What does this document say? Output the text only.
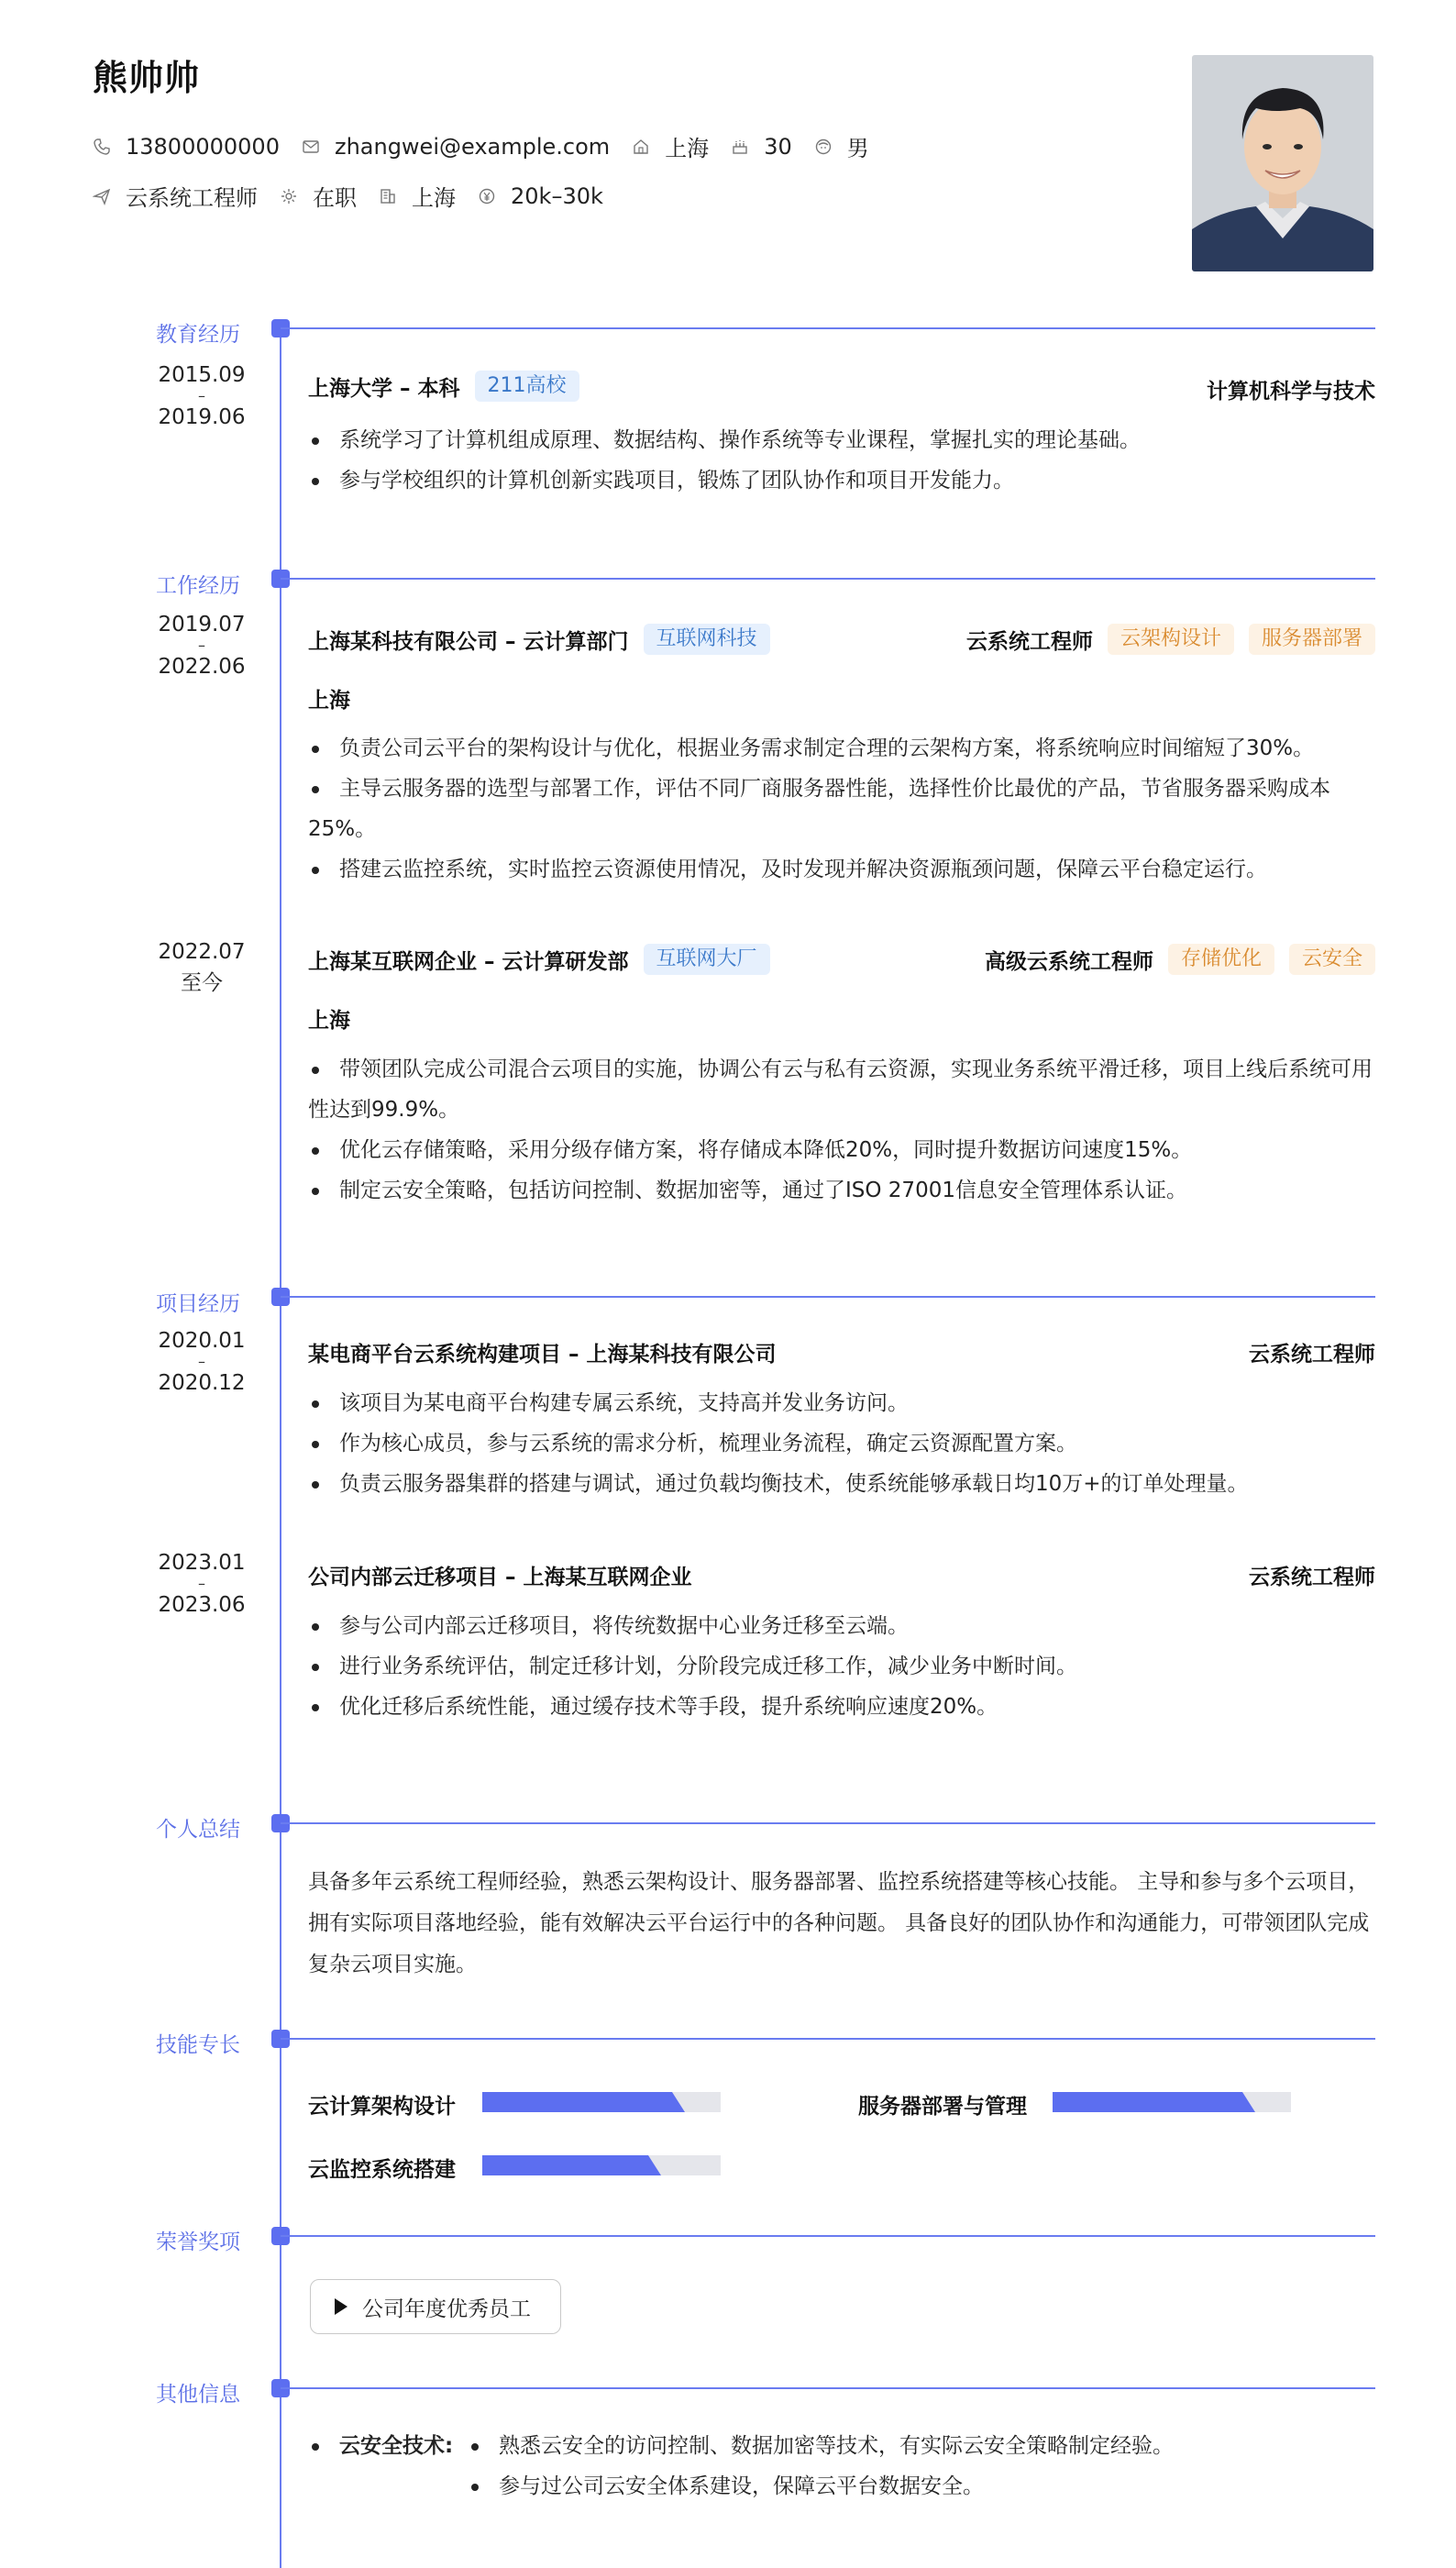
熊帅帅
13800000000	zhangwei@example.com	上海	30	男
云系统工程师	在职	上海	20k–30k
教育经历
2015.09
–
2019.06
上海大学 – 本科	211高校	计算机科学与技术
系统学习了计算机组成原理、数据结构、操作系统等专业课程，掌握扎实的理论基础。
参与学校组织的计算机创新实践项目，锻炼了团队协作和项目开发能力。
工作经历
2019.07
–
2022.06
上海某科技有限公司 – 云计算部门	互联网科技	云系统工程师	云架构设计	服务器部署
上海
负责公司云平台的架构设计与优化，根据业务需求制定合理的云架构方案，将系统响应时间缩短了30%。
主导云服务器的选型与部署工作，评估不同厂商服务器性能，选择性价比最优的产品，节省服务器采购成本25%。
搭建云监控系统，实时监控云资源使用情况，及时发现并解决资源瓶颈问题，保障云平台稳定运行。
2022.07
至今
上海某互联网企业 – 云计算研发部	互联网大厂	高级云系统工程师	存储优化	云安全
上海
带领团队完成公司混合云项目的实施，协调公有云与私有云资源，实现业务系统平滑迁移，项目上线后系统可用性达到99.9%。
优化云存储策略，采用分级存储方案，将存储成本降低20%，同时提升数据访问速度15%。
制定云安全策略，包括访问控制、数据加密等，通过了ISO 27001信息安全管理体系认证。
项目经历
2020.01
–
2020.12
某电商平台云系统构建项目 – 上海某科技有限公司	云系统工程师
该项目为某电商平台构建专属云系统，支持高并发业务访问。
作为核心成员，参与云系统的需求分析，梳理业务流程，确定云资源配置方案。
负责云服务器集群的搭建与调试，通过负载均衡技术，使系统能够承载日均10万+的订单处理量。
2023.01
–
2023.06
公司内部云迁移项目 – 上海某互联网企业	云系统工程师
参与公司内部云迁移项目，将传统数据中心业务迁移至云端。
进行业务系统评估，制定迁移计划，分阶段完成迁移工作，减少业务中断时间。
优化迁移后系统性能，通过缓存技术等手段，提升系统响应速度20%。
个人总结
具备多年云系统工程师经验，熟悉云架构设计、服务器部署、监控系统搭建等核心技能。 主导和参与多个云项目，拥有实际项目落地经验，能有效解决云平台运行中的各种问题。 具备良好的团队协作和沟通能力，可带领团队完成复杂云项目实施。
技能专长
云计算架构设计	服务器部署与管理
云监控系统搭建
荣誉奖项
公司年度优秀员工
其他信息
云安全技术:	熟悉云安全的访问控制、数据加密等技术，有实际云安全策略制定经验。
参与过公司云安全体系建设，保障云平台数据安全。
